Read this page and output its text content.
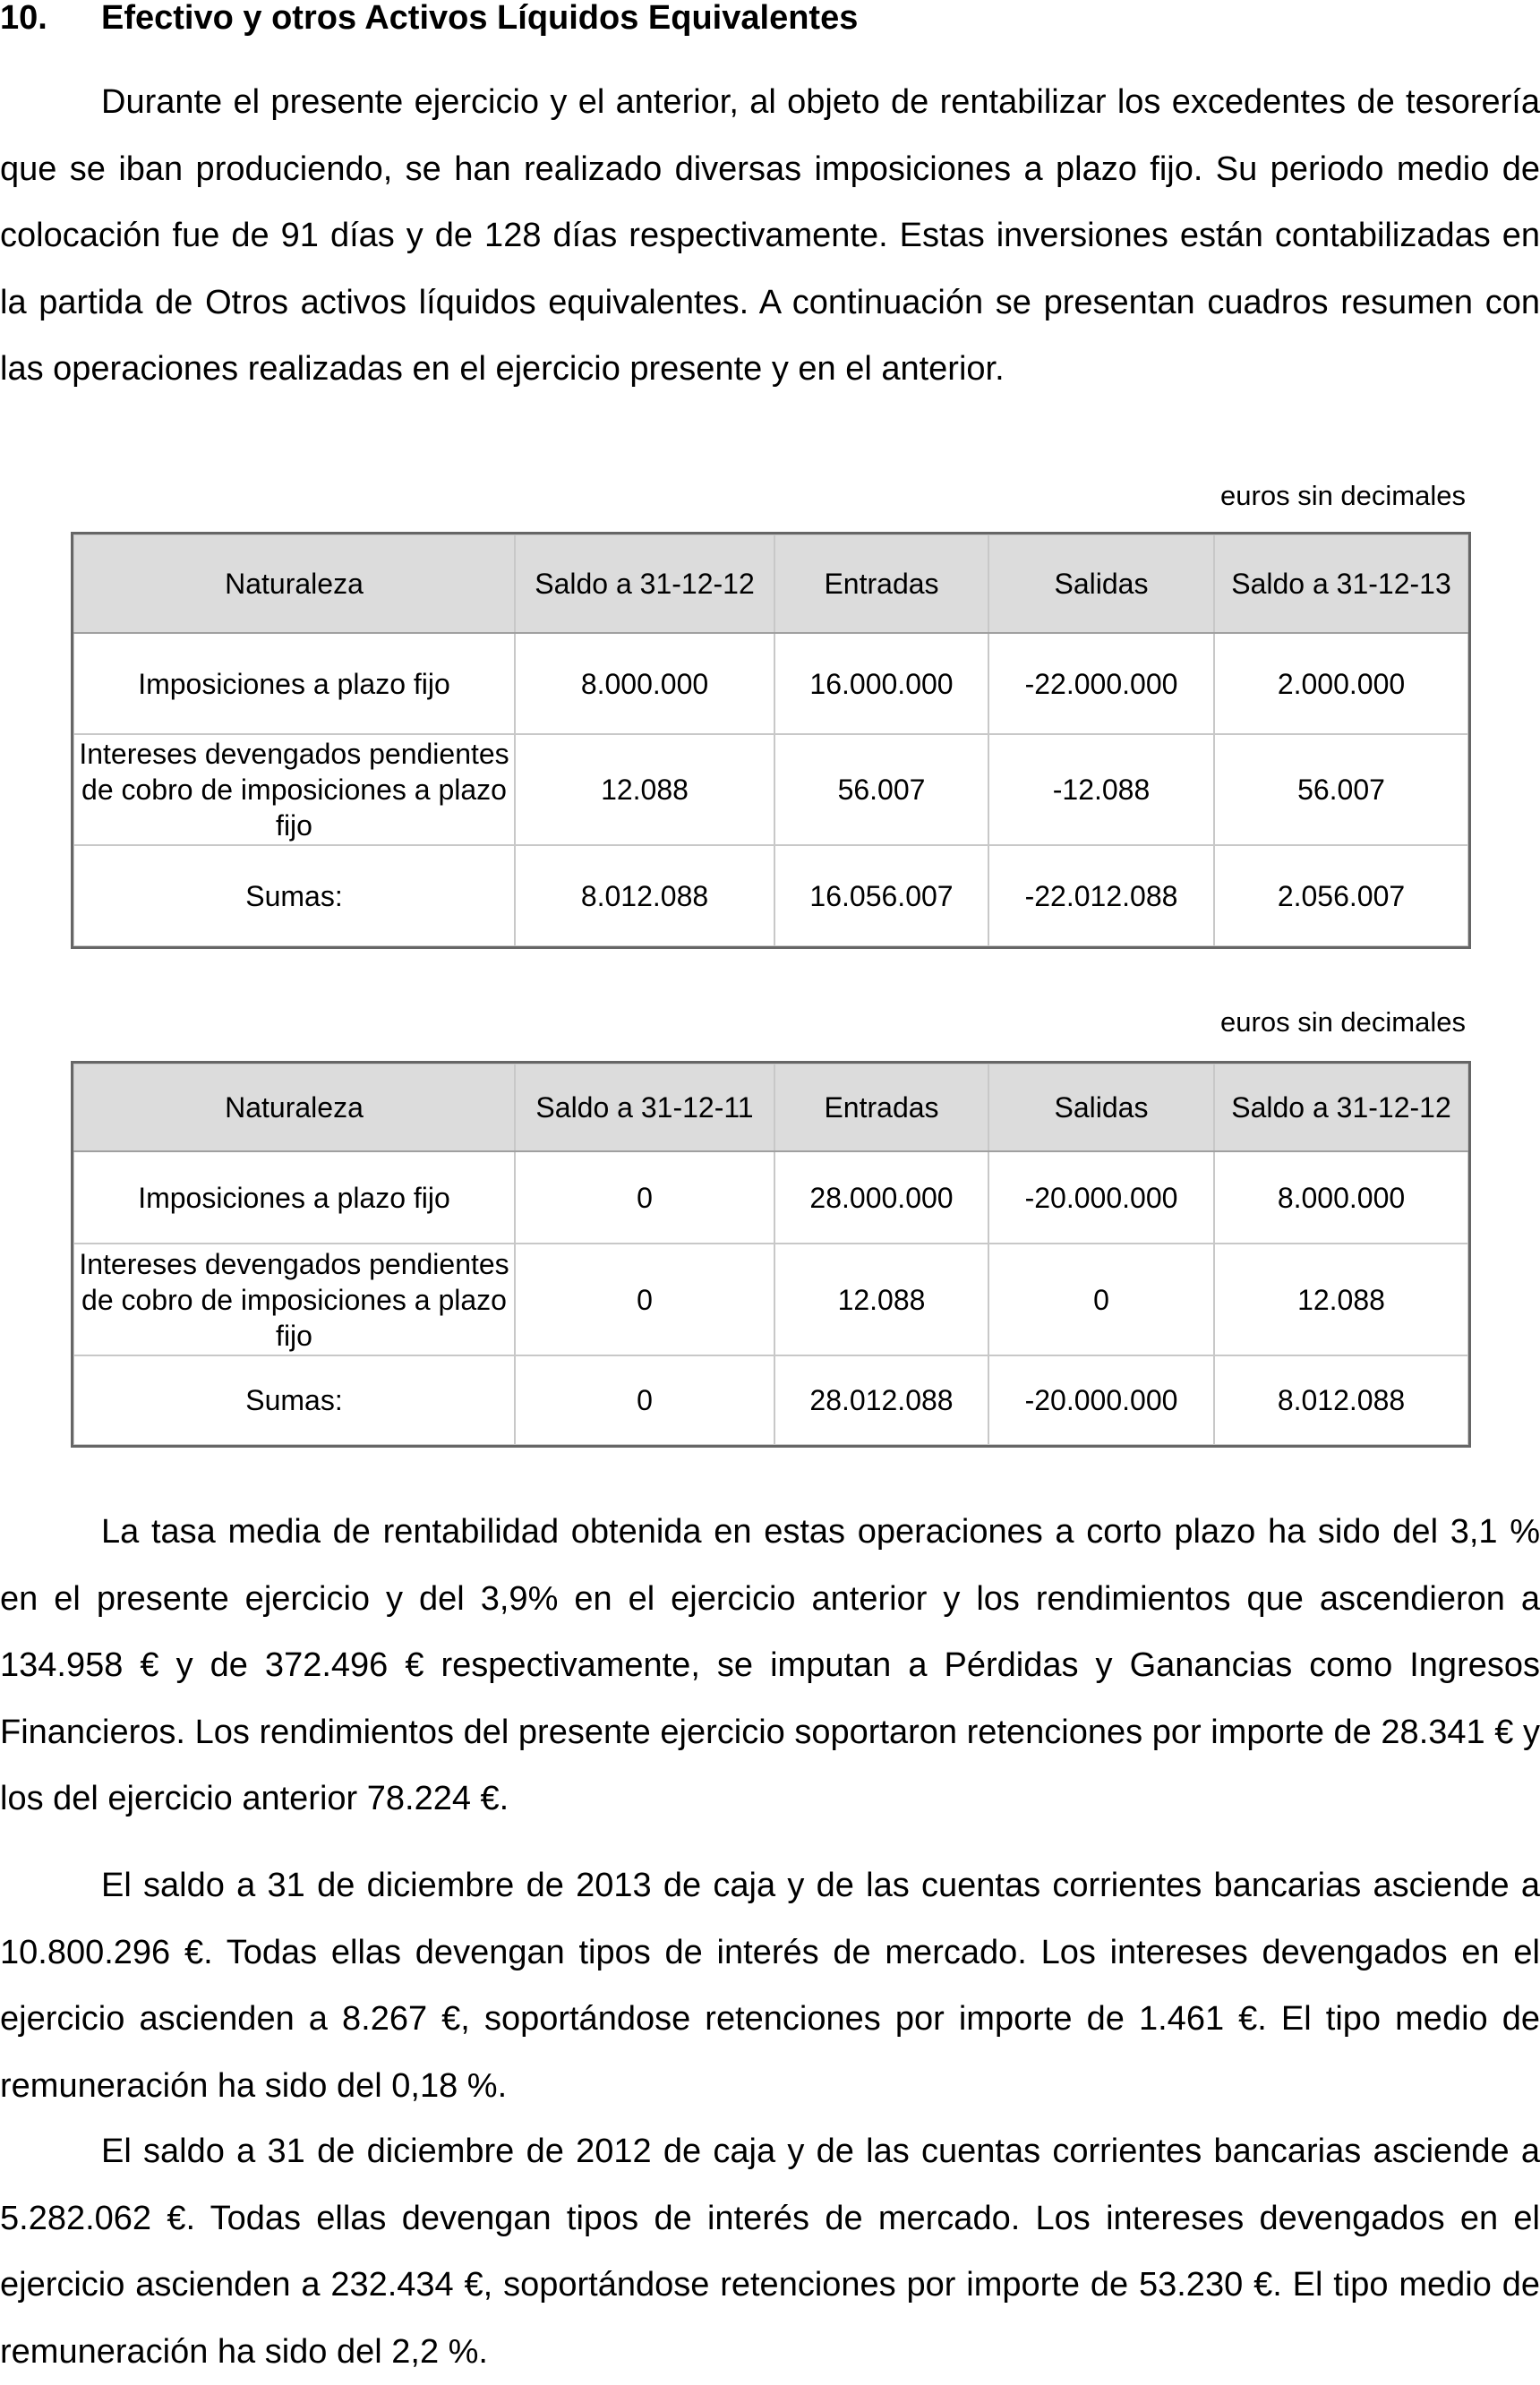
10. Efectivo y otros Activos Líquidos Equivalentes

Durante el presente ejercicio y el anterior, al objeto de rentabilizar los excedentes de tesorería que se iban produciendo, se han realizado diversas imposiciones a plazo fijo. Su periodo medio de colocación fue de 91 días y de 128 días respectivamente. Estas inversiones están contabilizadas en la partida de Otros activos líquidos equivalentes. A continuación se presentan cuadros resumen con las operaciones realizadas en el ejercicio presente y en el anterior.

euros sin decimales
Naturaleza	Saldo a 31-12-12	Entradas	Salidas	Saldo a 31-12-13
Imposiciones a plazo fijo	8.000.000	16.000.000	-22.000.000	2.000.000
Intereses devengados pendientes de cobro de imposiciones a plazo fijo	12.088	56.007	-12.088	56.007
Sumas:	8.012.088	16.056.007	-22.012.088	2.056.007
euros sin decimales
Naturaleza	Saldo a 31-12-11	Entradas	Salidas	Saldo a 31-12-12
Imposiciones a plazo fijo	0	28.000.000	-20.000.000	8.000.000
Intereses devengados pendientes de cobro de imposiciones a plazo fijo	0	12.088	0	12.088
Sumas:	0	28.012.088	-20.000.000	8.012.088

La tasa media de rentabilidad obtenida en estas operaciones a corto plazo ha sido del 3,1 % en el presente ejercicio y del 3,9% en el ejercicio anterior y los rendimientos que ascendieron a 134.958 € y de 372.496 € respectivamente, se imputan a Pérdidas y Ganancias como Ingresos Financieros. Los rendimientos del presente ejercicio soportaron retenciones por importe de 28.341 € y los del ejercicio anterior 78.224 €.

El saldo a 31 de diciembre de 2013 de caja y de las cuentas corrientes bancarias asciende a 10.800.296 €. Todas ellas devengan tipos de interés de mercado. Los intereses devengados en el ejercicio ascienden a 8.267 €, soportándose retenciones por importe de 1.461 €. El tipo medio de remuneración ha sido del 0,18 %.

El saldo a 31 de diciembre de 2012 de caja y de las cuentas corrientes bancarias asciende a 5.282.062 €. Todas ellas devengan tipos de interés de mercado. Los intereses devengados en el ejercicio ascienden a 232.434 €, soportándose retenciones por importe de 53.230 €. El tipo medio de remuneración ha sido del 2,2 %.
